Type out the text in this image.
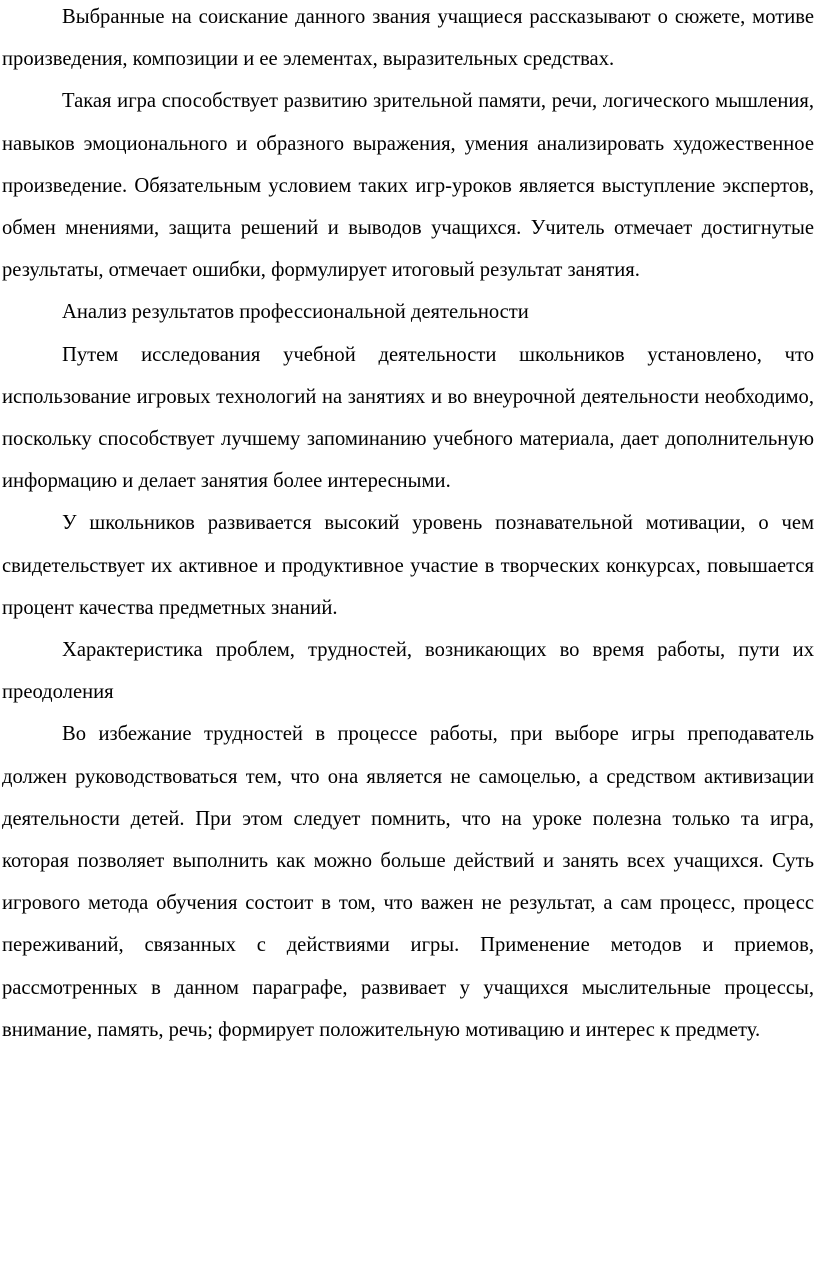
Выбранные на соискание данного звания учащиеся рассказывают о сюжете, мотиве произведения, композиции и ее элементах, выразительных средствах.

Такая игра способствует развитию зрительной памяти, речи, логического мышления, навыков эмоционального и образного выражения, умения анализировать художественное произведение. Обязательным условием таких игр-уроков является выступление экспертов, обмен мнениями, защита решений и выводов учащихся. Учитель отмечает достигнутые результаты, отмечает ошибки, формулирует итоговый результат занятия.

Анализ результатов профессиональной деятельности

Путем исследования учебной деятельности школьников установлено, что использование игровых технологий на занятиях и во внеурочной деятельности необходимо, поскольку способствует лучшему запоминанию учебного материала, дает дополнительную информацию и делает занятия более интересными.

У школьников развивается высокий уровень познавательной мотивации, о чем свидетельствует их активное и продуктивное участие в творческих конкурсах, повышается процент качества предметных знаний.

Характеристика проблем, трудностей, возникающих во время работы, пути их преодоления

Во избежание трудностей в процессе работы, при выборе игры преподаватель должен руководствоваться тем, что она является не самоцелью, а средством активизации деятельности детей. При этом следует помнить, что на уроке полезна только та игра, которая позволяет выполнить как можно больше действий и занять всех учащихся. Суть игрового метода обучения состоит в том, что важен не результат, а сам процесс, процесс переживаний, связанных с действиями игры. Применение методов и приемов, рассмотренных в данном параграфе, развивает у учащихся мыслительные процессы, внимание, память, речь; формирует положительную мотивацию и интерес к предмету.
